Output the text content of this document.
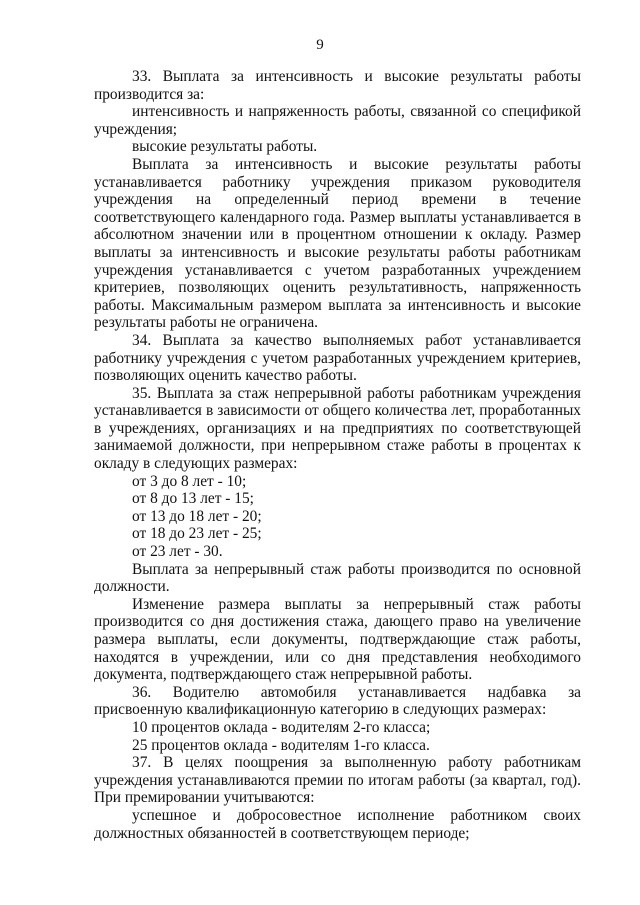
9

33. Выплата за интенсивность и высокие результаты работы производится за:

интенсивность и напряженность работы, связанной со спецификой учреждения;

высокие результаты работы.

Выплата за интенсивность и высокие результаты работы устанавливается работнику учреждения приказом руководителя учреждения на определенный период времени в течение соответствующего календарного года. Размер выплаты устанавливается в абсолютном значении или в процентном отношении к окладу. Размер выплаты за интенсивность и высокие результаты работы работникам учреждения устанавливается с учетом разработанных учреждением критериев, позволяющих оценить результативность, напряженность работы. Максимальным размером выплата за интенсивность и высокие результаты работы не ограничена.

34. Выплата за качество выполняемых работ устанавливается работнику учреждения с учетом разработанных учреждением критериев, позволяющих оценить качество работы.

35. Выплата за стаж непрерывной работы работникам учреждения устанавливается в зависимости от общего количества лет, проработанных в учреждениях, организациях и на предприятиях по соответствующей занимаемой должности, при непрерывном стаже работы в процентах к окладу в следующих размерах:

от 3 до 8 лет - 10;

от 8 до 13 лет - 15;

от 13 до 18 лет - 20;

от 18 до 23 лет - 25;

от 23 лет - 30.

Выплата за непрерывный стаж работы производится по основной должности.

Изменение размера выплаты за непрерывный стаж работы производится со дня достижения стажа, дающего право на увеличение размера выплаты, если документы, подтверждающие стаж работы, находятся в учреждении, или со дня представления необходимого документа, подтверждающего стаж непрерывной работы.

36. Водителю автомобиля устанавливается надбавка за присвоенную квалификационную категорию в следующих размерах:

10 процентов оклада - водителям 2-го класса;

25 процентов оклада - водителям 1-го класса.

37. В целях поощрения за выполненную работу работникам учреждения устанавливаются премии по итогам работы (за квартал, год). При премировании учитываются:

успешное и добросовестное исполнение работником своих должностных обязанностей в соответствующем периоде;
